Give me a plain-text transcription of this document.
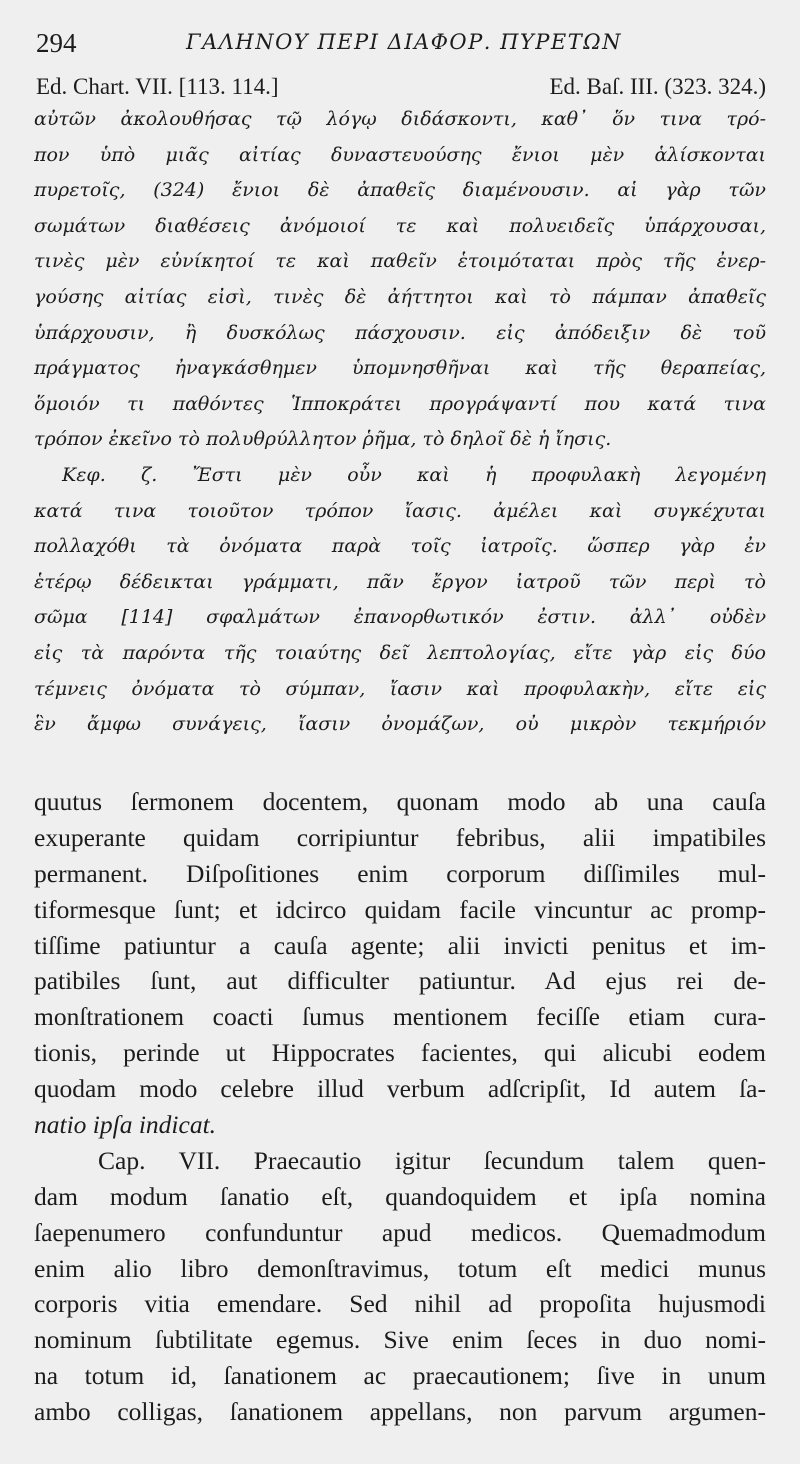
294	ΓΑΛΗΝΟΥ ΠΕΡΙ ΔΙΑΦΟΡ. ΠΥΡΕΤΩΝ
Ed. Chart. VII. [113. 114.]	Ed. Baſ. III. (323. 324.)
αὐτῶν ἀκολουθήσας τῷ λόγῳ διδάσκοντι, καθ᾽ ὅν τινα τρό-
πον ὑπὸ μιᾶς αἰτίας δυναστευούσης ἔνιοι μὲν ἁλίσκονται
πυρετοῖς, (324) ἔνιοι δὲ ἀπαθεῖς διαμένουσιν. αἱ γὰρ τῶν
σωμάτων διαθέσεις ἀνόμοιοί τε καὶ πολυειδεῖς ὑπάρχουσαι,
τινὲς μὲν εὐνίκητοί τε καὶ παθεῖν ἑτοιμόταται πρὸς τῆς ἐνερ-
γούσης αἰτίας εἰσὶ, τινὲς δὲ ἀήττητοι καὶ τὸ πάμπαν ἀπαθεῖς
ὑπάρχουσιν, ἢ δυσκόλως πάσχουσιν. εἰς ἀπόδειξιν δὲ τοῦ
πράγματος ἠναγκάσθημεν ὑπομνησθῆναι καὶ τῆς θεραπείας,
ὅμοιόν τι παθόντες Ἱπποκράτει προγράψαντί που κατά τινα
τρόπον ἐκεῖνο τὸ πολυθρύλλητον ῥῆμα, τὸ δηλοῖ δὲ ἡ ἴησις.
Κεφ. ζ. Ἔστι μὲν οὖν καὶ ἡ προφυλακὴ λεγομένη
κατά τινα τοιοῦτον τρόπον ἴασις. ἀμέλει καὶ συγκέχυται
πολλαχόθι τὰ ὀνόματα παρὰ τοῖς ἰατροῖς. ὥσπερ γὰρ ἐν
ἑτέρῳ δέδεικται γράμματι, πᾶν ἔργον ἰατροῦ τῶν περὶ τὸ
σῶμα [114] σφαλμάτων ἐπανορθωτικόν ἐστιν. ἀλλ᾽ οὐδὲν
εἰς τὰ παρόντα τῆς τοιαύτης δεῖ λεπτολογίας, εἴτε γὰρ εἰς δύο
τέμνεις ὀνόματα τὸ σύμπαν, ἴασιν καὶ προφυλακὴν, εἴτε εἰς
ἓν ἄμφω συνάγεις, ἴασιν ὀνομάζων, οὐ μικρὸν τεκμήριόν
quutus ſermonem docentem, quonam modo ab una cauſa
exuperante quidam corripiuntur febribus, alii impatibiles
permanent. Diſpoſitiones enim corporum diſſimiles mul-
tiformesque ſunt; et idcirco quidam facile vincuntur ac promp-
tiſſime patiuntur a cauſa agente; alii invicti penitus et im-
patibiles ſunt, aut difficulter patiuntur. Ad ejus rei de-
monſtrationem coacti ſumus mentionem feciſſe etiam cura-
tionis, perinde ut Hippocrates facientes, qui alicubi eodem
quodam modo celebre illud verbum adſcripſit, Id autem ſa-
natio ipſa indicat.
Cap. VII. Praecautio igitur ſecundum talem quen-
dam modum ſanatio eſt, quandoquidem et ipſa nomina
ſaepenumero confunduntur apud medicos. Quemadmodum
enim alio libro demonſtravimus, totum eſt medici munus
corporis vitia emendare. Sed nihil ad propoſita hujusmodi
nominum ſubtilitate egemus. Sive enim ſeces in duo nomi-
na totum id, ſanationem ac praecautionem; ſive in unum
ambo colligas, ſanationem appellans, non parvum argumen-
